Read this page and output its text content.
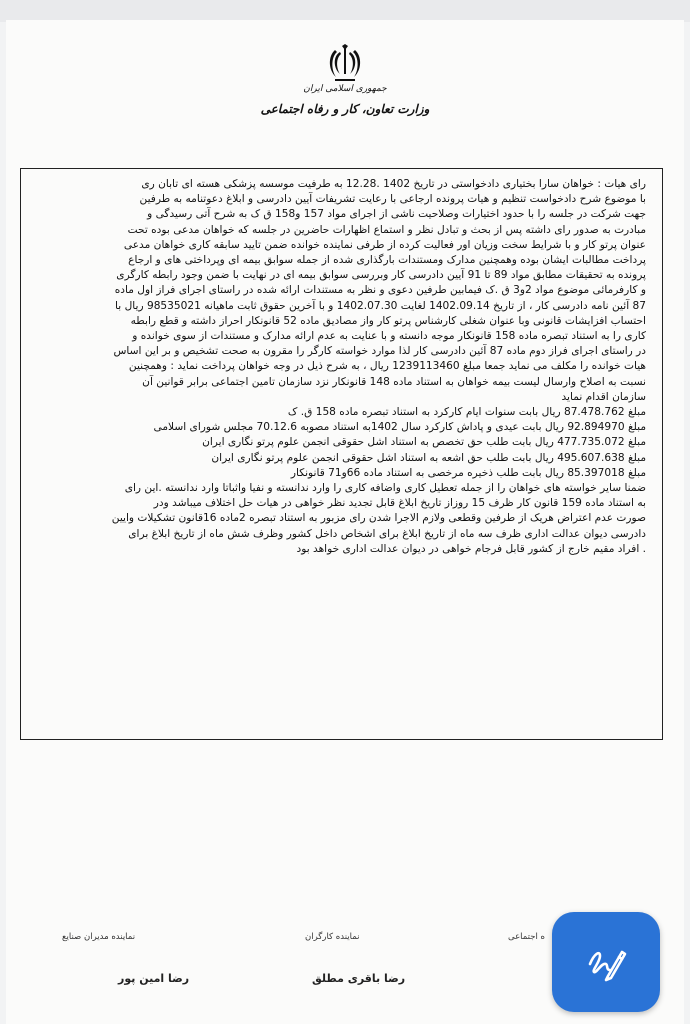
جمهوری اسلامی ایران
وزارت تعاون، کار و رفاه اجتماعی

رای هیات : خواهان سارا بختیاری دادخواستی در تاریخ 1402 .12.28 به طرفیت موسسه پزشکی هسته ای تابان ری

با موضوع شرح دادخواست تنظیم و هیات پرونده ارجاعی با رعایت تشریفات آیین دادرسی و ابلاغ دعوتنامه به طرفین

جهت شرکت در جلسه را با حدود اختیارات وصلاحیت ناشی از اجرای مواد 157 و158 ق ک به شرح آتی رسیدگی و

مبادرت به صدور رای داشته پس از بحث و تبادل نظر و استماع اظهارات حاضرین در جلسه که خواهان مدعی بوده تحت

عنوان پرتو کار و با شرایط سخت وزیان اور فعالیت کرده از طرفی نماینده خوانده ضمن تایید سابقه کاری خواهان مدعی

پرداخت مطالبات ایشان بوده وهمچنین مدارک ومستندات بارگذاری شده از جمله سوابق بیمه ای وپرداختی های و ارجاع

پرونده به تحقیقات مطابق مواد 89 تا 91 آیین دادرسی کار وبررسی سوابق بیمه ای در نهایت با ضمن وجود رابطه کارگری

و کارفرمائی موضوع مواد 2و3 ق .ک فیمابین طرفین دعوی و نظر به مستندات ارائه شده در راستای اجرای فراز اول ماده

87 آئین نامه دادرسی کار ، از تاریخ 1402.09.14 لغایت 1402.07.30 و با آخرین حقوق ثابت ماهیانه 98535021 ریال با

احتساب افزایشات قانونی وبا عنوان شغلی کارشناس پرتو کار واز مصادیق ماده 52 قانونکار احراز داشته و قطع رابطه

کاری را به استناد تبصره ماده 158 قانونکار موجه دانسته و با عنایت به عدم ارائه مدارک و مستندات از سوی خوانده و

در راستای اجرای فراز دوم ماده 87 آئین دادرسی کار لذا موارد خواسته کارگر را مقرون به صحت تشخیص و بر این اساس

هیات خوانده را مکلف می نماید جمعا مبلغ 1239113460 ریال ، به شرح ذیل در وجه خواهان پرداخت نماید : وهمچنین

نسبت به اصلاح وارسال لیست بیمه خواهان به استناد ماده 148 قانونکار نزد سازمان تامین اجتماعی برابر قوانین آن

سازمان اقدام نماید

مبلغ 87.478.762 ریال بابت سنوات ایام کارکرد به استناد تبصره ماده 158 ق. ک

مبلغ 92.894970 ریال بابت عیدی و پاداش کارکرد سال 1402به استناد مصوبه 70.12.6 مجلس شورای اسلامی

مبلغ 477.735.072 ریال بابت طلب حق تخصص به استناد اشل حقوقی انجمن علوم پرتو نگاری ایران

مبلغ 495.607.638 ریال بابت طلب حق اشعه به استناد اشل حقوقی انجمن علوم پرتو نگاری ایران

مبلغ 85.397018 ریال بابت طلب ذخیره مرخصی به استناد ماده 66و71 قانونکار

ضمنا سایر خواسته های خواهان را از جمله تعطیل کاری واضافه کاری را وارد ندانسته و نفیا واثباتا وارد ندانسته .این رای

به استناد ماده 159 قانون کار ظرف 15 روزاز تاریخ ابلاغ قابل تجدید نظر خواهی در هیات حل اختلاف میباشد ودر

صورت عدم اعتراض هریک از طرفین وقطعی ولازم الاجرا شدن رای مزبور به استناد تبصره 2ماده 16قانون تشکیلات وایین

دادرسی دیوان عدالت اداری ظرف سه ماه از تاریخ ابلاغ برای اشخاص داخل کشور وظرف شش ماه از تاریخ ابلاغ برای

. افراد مقیم خارج از کشور قابل فرجام خواهی در دیوان عدالت اداری خواهد بود

نماینده مدیران صنایع
رضا امین پور
نماینده کارگران
رضا باقری مطلق
ه اجتماعی
